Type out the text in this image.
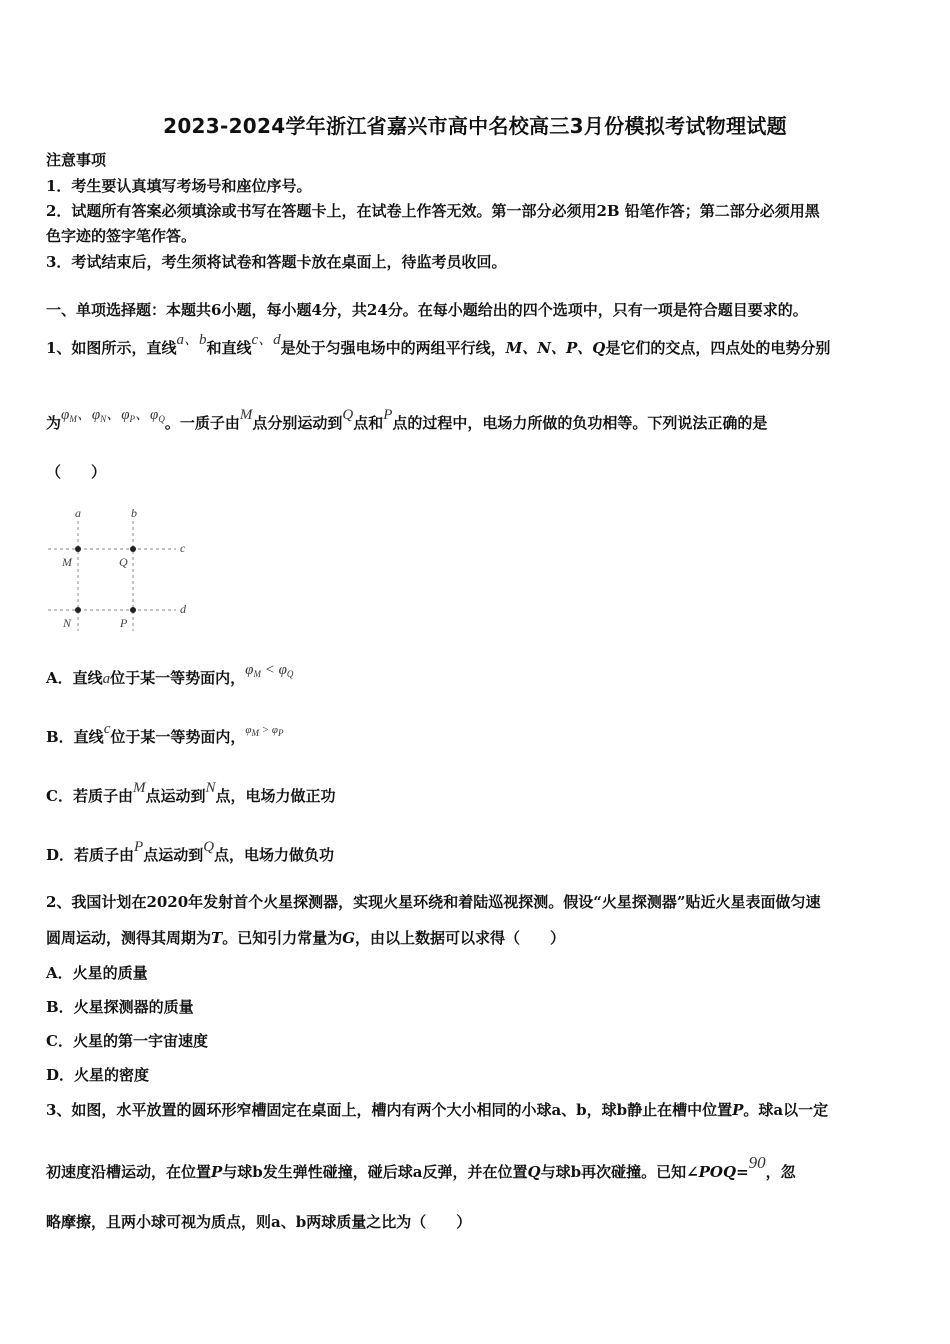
2023-2024学年浙江省嘉兴市高中名校高三3月份模拟考试物理试题
注意事项
1．考生要认真填写考场号和座位序号。
2．试题所有答案必须填涂或书写在答题卡上，在试卷上作答无效。第一部分必须用2B 铅笔作答；第二部分必须用黑
色字迹的签字笔作答。
3．考试结束后，考生须将试卷和答题卡放在桌面上，待监考员收回。
一、单项选择题：本题共6小题，每小题4分，共24分。在每小题给出的四个选项中，只有一项是符合题目要求的。
1、如图所示，直线a、b和直线c、d是处于匀强电场中的两组平行线，M、N、P、Q是它们的交点，四点处的电势分别
为$\varphi_M$、$\varphi_N$、$\varphi_P$、$\varphi_Q$。一质子由M点分别运动到Q点和P点的过程中，电场力所做的负功相等。下列说法正确的是
（　　）
a	b
c
d
M	Q
N	P
A．直线a位于某一等势面内，$\varphi_M < \varphi_Q$
B．直线c位于某一等势面内，$^{\varphi_M > \varphi_P}$
C．若质子由M点运动到N点，电场力做正功
D．若质子由P点运动到Q点，电场力做负功
2、我国计划在2020年发射首个火星探测器，实现火星环绕和着陆巡视探测。假设“火星探测器”贴近火星表面做匀速
圆周运动，测得其周期为T。已知引力常量为G，由以上数据可以求得（　　）
A．火星的质量
B．火星探测器的质量
C．火星的第一宇宙速度
D．火星的密度
3、如图，水平放置的圆环形窄槽固定在桌面上，槽内有两个大小相同的小球a、b，球b静止在槽中位置P。球a以一定
初速度沿槽运动，在位置P与球b发生弹性碰撞，碰后球a反弹，并在位置Q与球b再次碰撞。已知∠POQ=90，忽
略摩擦，且两小球可视为质点，则a、b两球质量之比为（　　）
